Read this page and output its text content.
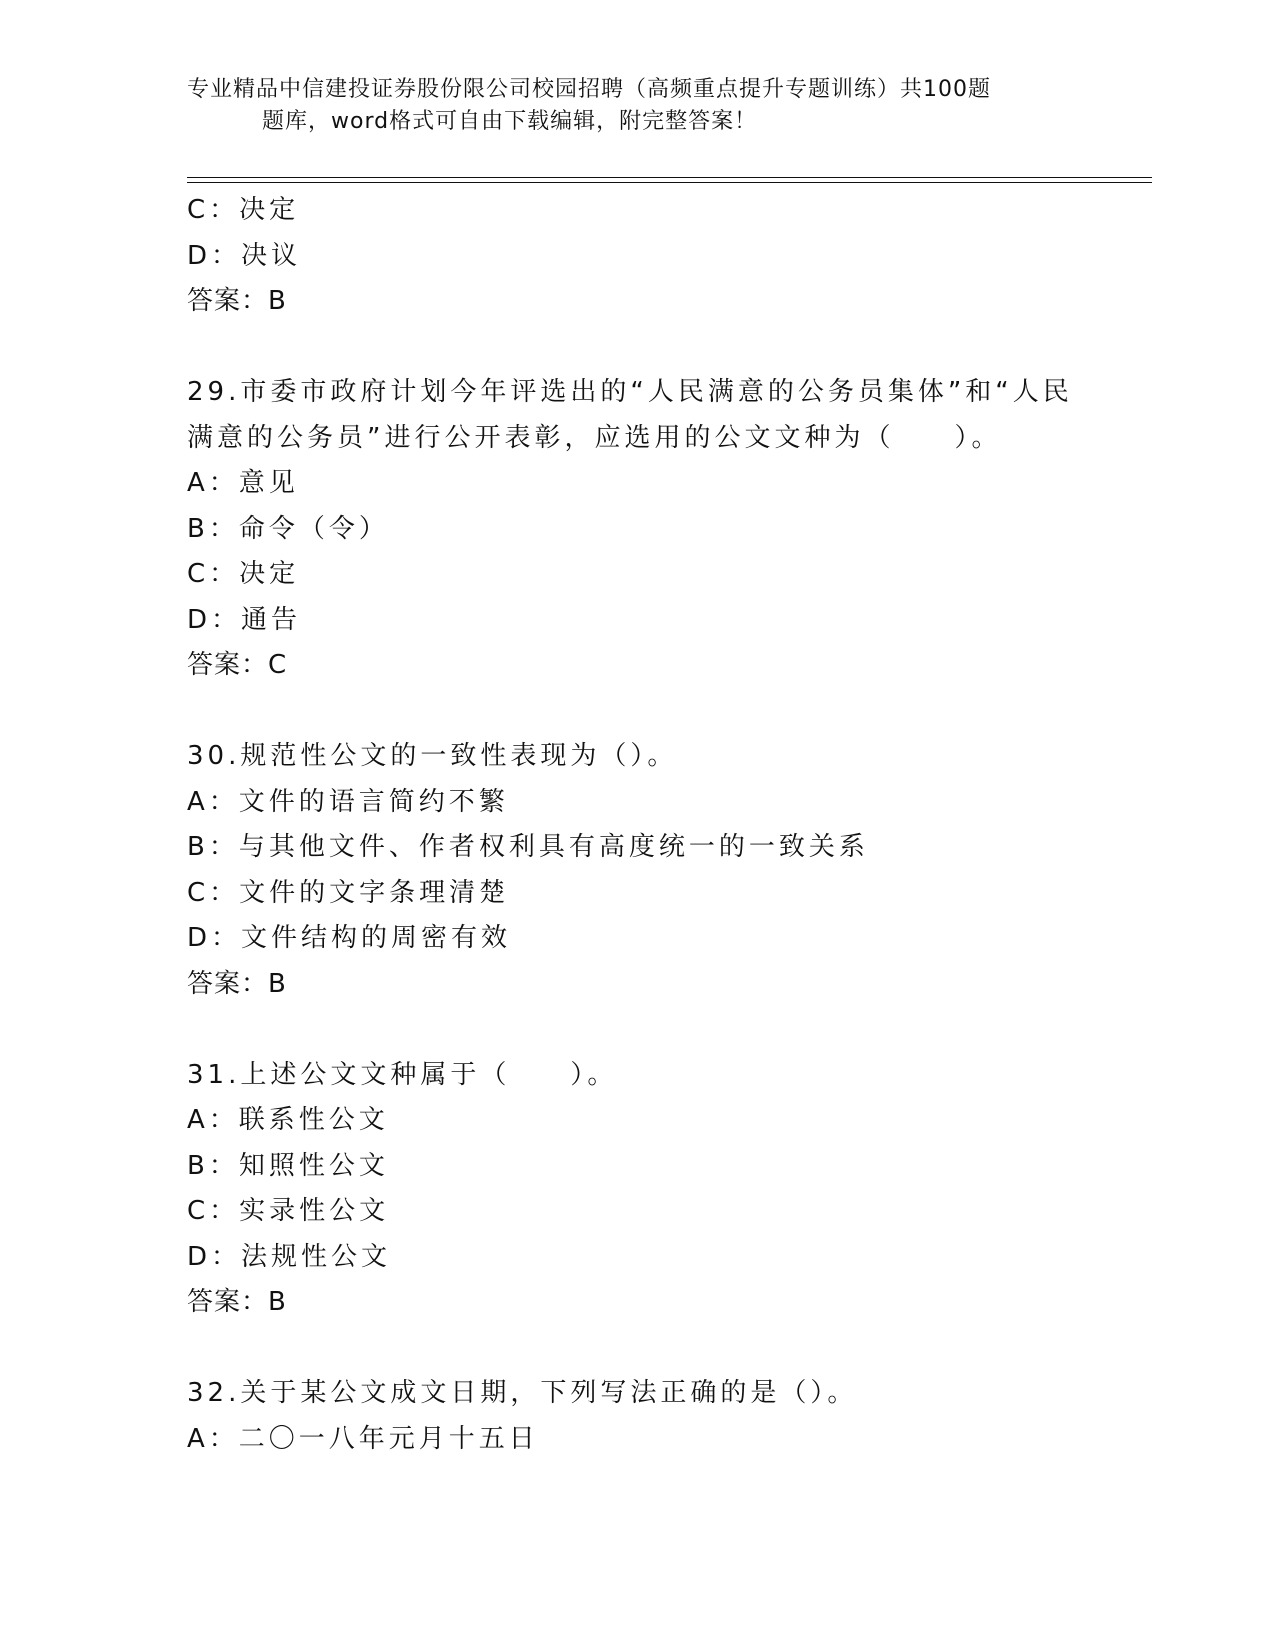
专业精品中信建投证券股份限公司校园招聘（高频重点提升专题训练）共100题
题库，word格式可自由下载编辑，附完整答案！
C：决定
D：决议
答案：B
29.市委市政府计划今年评选出的“人民满意的公务员集体”和“人民
满意的公务员”进行公开表彰，应选用的公文文种为（　　）。
A：意见
B：命令（令）
C：决定
D：通告
答案：C
30.规范性公文的一致性表现为（）。
A：文件的语言简约不繁
B：与其他文件、作者权利具有高度统一的一致关系
C：文件的文字条理清楚
D：文件结构的周密有效
答案：B
31.上述公文文种属于（　　）。
A：联系性公文
B：知照性公文
C：实录性公文
D：法规性公文
答案：B
32.关于某公文成文日期，下列写法正确的是（）。
A：二〇一八年元月十五日
